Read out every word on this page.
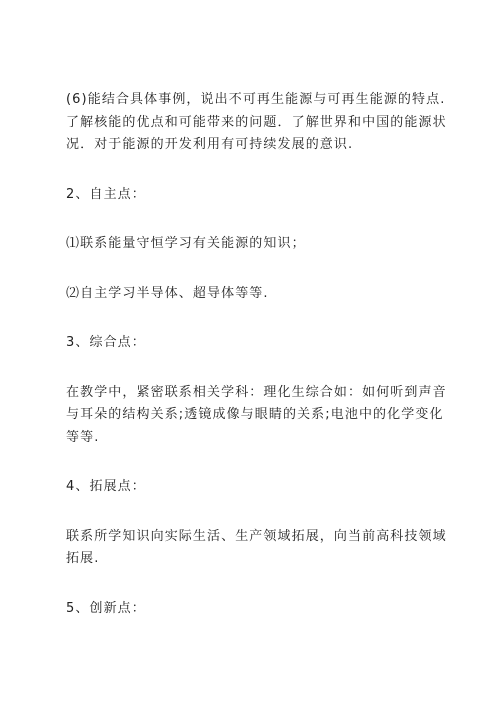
(6)能结合具体事例，说出不可再生能源与可再生能源的特点.
了解核能的优点和可能带来的问题．了解世界和中国的能源状
况．对于能源的开发利用有可持续发展的意识.

2、自主点：

⑴联系能量守恒学习有关能源的知识；

⑵自主学习半导体、超导体等等.

3、综合点：

在教学中，紧密联系相关学科：理化生综合如：如何听到声音
与耳朵的结构关系;透镜成像与眼睛的关系;电池中的化学变化
等等.

4、拓展点：

联系所学知识向实际生活、生产领域拓展，向当前高科技领域
拓展.

5、创新点：
